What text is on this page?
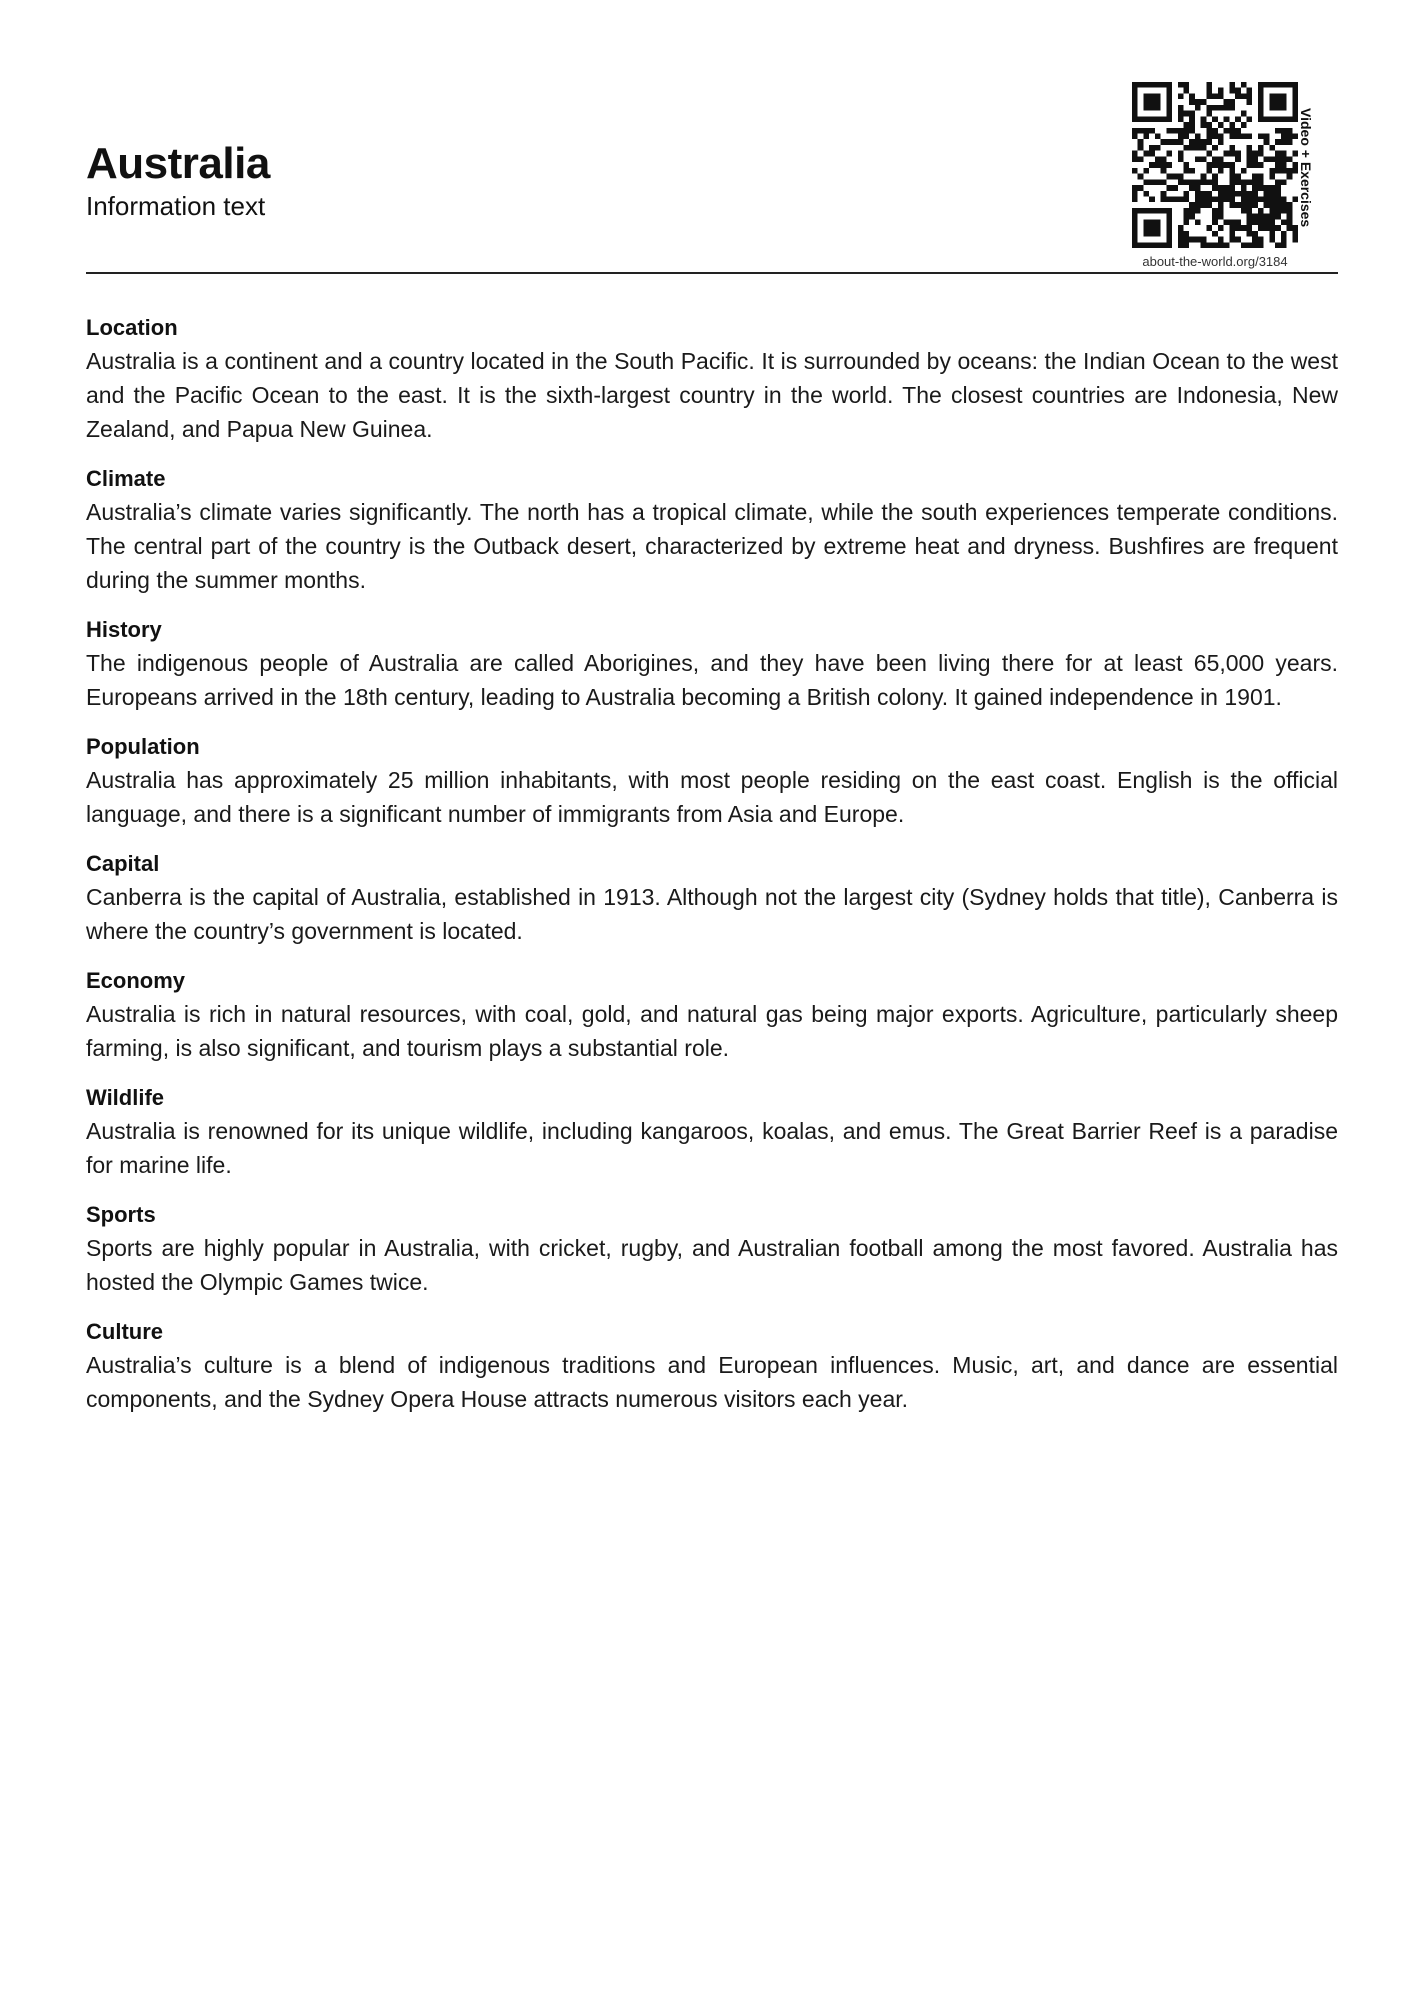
Australia
Information text
about-the-world.org/3184
Video + Exercises

Location

Australia is a continent and a country located in the South Pacific. It is surrounded by oceans: the Indian Ocean to the west and the Pacific Ocean to the east. It is the sixth-largest country in the world. The closest countries are Indonesia, New Zealand, and Papua New Guinea.

Climate

Australia’s climate varies significantly. The north has a tropical climate, while the south experiences temperate conditions. The central part of the country is the Outback desert, characterized by extreme heat and dryness. Bushfires are frequent during the summer months.

History

The indigenous people of Australia are called Aborigines, and they have been living there for at least 65,000 years. Europeans arrived in the 18th century, leading to Australia becoming a British colony. It gained independence in 1901.

Population

Australia has approximately 25 million inhabitants, with most people residing on the east coast. English is the official language, and there is a significant number of immigrants from Asia and Europe.

Capital

Canberra is the capital of Australia, established in 1913. Although not the largest city (Sydney holds that title), Canberra is where the country’s government is located.

Economy

Australia is rich in natural resources, with coal, gold, and natural gas being major exports. Agriculture, particularly sheep farming, is also significant, and tourism plays a substantial role.

Wildlife

Australia is renowned for its unique wildlife, including kangaroos, koalas, and emus. The Great Barrier Reef is a paradise for marine life.

Sports

Sports are highly popular in Australia, with cricket, rugby, and Australian football among the most favored. Australia has hosted the Olympic Games twice.

Culture

Australia’s culture is a blend of indigenous traditions and European influences. Music, art, and dance are essential components, and the Sydney Opera House attracts numerous visitors each year.
